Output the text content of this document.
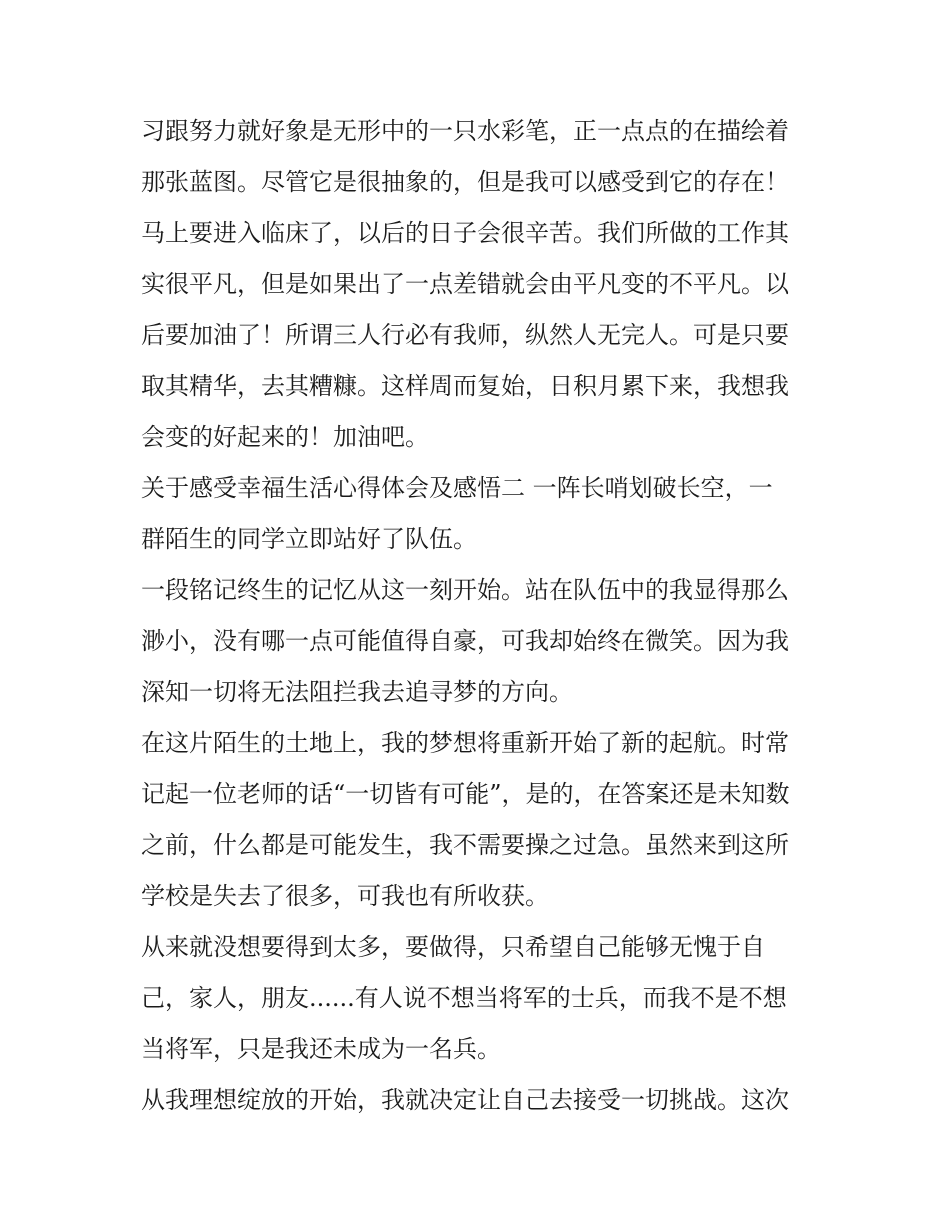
习跟努力就好象是无形中的一只水彩笔，正一点点的在描绘着
那张蓝图。尽管它是很抽象的，但是我可以感受到它的存在！
马上要进入临床了，以后的日子会很辛苦。我们所做的工作其
实很平凡，但是如果出了一点差错就会由平凡变的不平凡。以
后要加油了！所谓三人行必有我师，纵然人无完人。可是只要
取其精华，去其糟糠。这样周而复始，日积月累下来，我想我
会变的好起来的！加油吧。
关于感受幸福生活心得体会及感悟二 一阵长哨划破长空，一
群陌生的同学立即站好了队伍。
一段铭记终生的记忆从这一刻开始。站在队伍中的我显得那么
渺小，没有哪一点可能值得自豪，可我却始终在微笑。因为我
深知一切将无法阻拦我去追寻梦的方向。
在这片陌生的土地上，我的梦想将重新开始了新的起航。时常
记起一位老师的话“一切皆有可能”，是的，在答案还是未知数
之前，什么都是可能发生，我不需要操之过急。虽然来到这所
学校是失去了很多，可我也有所收获。
从来就没想要得到太多，要做得，只希望自己能够无愧于自
己，家人，朋友......有人说不想当将军的士兵，而我不是不想
当将军，只是我还未成为一名兵。
从我理想绽放的开始，我就决定让自己去接受一切挑战。这次
